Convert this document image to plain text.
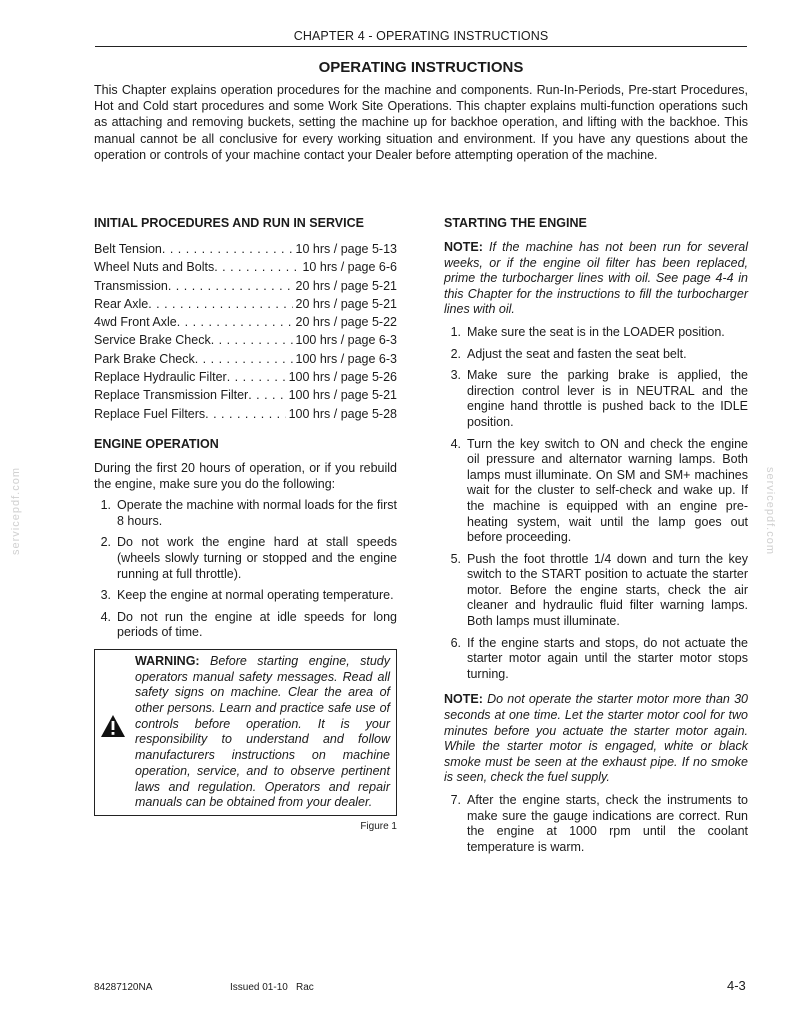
CHAPTER 4 - OPERATING INSTRUCTIONS
OPERATING INSTRUCTIONS

This Chapter explains operation procedures for the machine and components. Run-In-Periods, Pre-start Procedures, Hot and Cold start procedures and some Work Site Operations. This chapter explains multi-function operations such as attaching and removing buckets, setting the machine up for backhoe operation, and lifting with the backhoe. This manual cannot be all conclusive for every working situation and environment. If you have any questions about the operation or controls of your machine contact your Dealer before attempting operation of the machine.

INITIAL PROCEDURES AND RUN IN SERVICE
Belt Tension . . .	10 hrs / page 5-13
Wheel Nuts and Bolts . . .	10 hrs / page 6-6
Transmission . . .	20 hrs / page 5-21
Rear Axle . . .	20 hrs / page 5-21
4wd Front Axle . . .	20 hrs / page 5-22
Service Brake Check . . .	100 hrs / page 6-3
Park Brake Check . . .	100 hrs / page 6-3
Replace Hydraulic Filter . . .	100 hrs / page 5-26
Replace Transmission Filter . . .	100 hrs / page 5-21
Replace Fuel Filters . . .	100 hrs / page 5-28
ENGINE OPERATION

During the first 20 hours of operation, or if you rebuild the engine, make sure you do the following:

1. Operate the machine with normal loads for the first 8 hours.
2. Do not work the engine hard at stall speeds (wheels slowly turning or stopped and the engine running at full throttle).
3. Keep the engine at normal operating temperature.
4. Do not run the engine at idle speeds for long periods of time.
WARNING: Before starting engine, study operators manual safety messages. Read all safety signs on machine. Clear the area of other persons. Learn and practice safe use of controls before operation. It is your responsibility to understand and follow manufacturers instructions on machine operation, service, and to observe pertinent laws and regulation. Operators and repair manuals can be obtained from your dealer.
Figure 1
STARTING THE ENGINE

NOTE: If the machine has not been run for several weeks, or if the engine oil filter has been replaced, prime the turbocharger lines with oil. See page 4-4 in this Chapter for the instructions to fill the turbocharger lines with oil.

1. Make sure the seat is in the LOADER position.
2. Adjust the seat and fasten the seat belt.
3. Make sure the parking brake is applied, the direction control lever is in NEUTRAL and the engine hand throttle is pushed back to the IDLE position.
4. Turn the key switch to ON and check the engine oil pressure and alternator warning lamps. Both lamps must illuminate. On SM and SM+ machines wait for the cluster to self-check and wake up. If the machine is equipped with an engine pre-heating system, wait until the lamp goes out before proceeding.
5. Push the foot throttle 1/4 down and turn the key switch to the START position to actuate the starter motor. Before the engine starts, check the air cleaner and hydraulic fluid filter warning lamps. Both lamps must illuminate.
6. If the engine starts and stops, do not actuate the starter motor again until the starter motor stops turning.

NOTE: Do not operate the starter motor more than 30 seconds at one time. Let the starter motor cool for two minutes before you actuate the starter motor again. While the starter motor is engaged, white or black smoke must be seen at the exhaust pipe. If no smoke is seen, check the fuel supply.

7. After the engine starts, check the instruments to make sure the gauge indications are correct. Run the engine at 1000 rpm until the coolant temperature is warm.
84287120NA	Issued 01-10 Rac	4-3
servicepdf.com	servicepdf.com
